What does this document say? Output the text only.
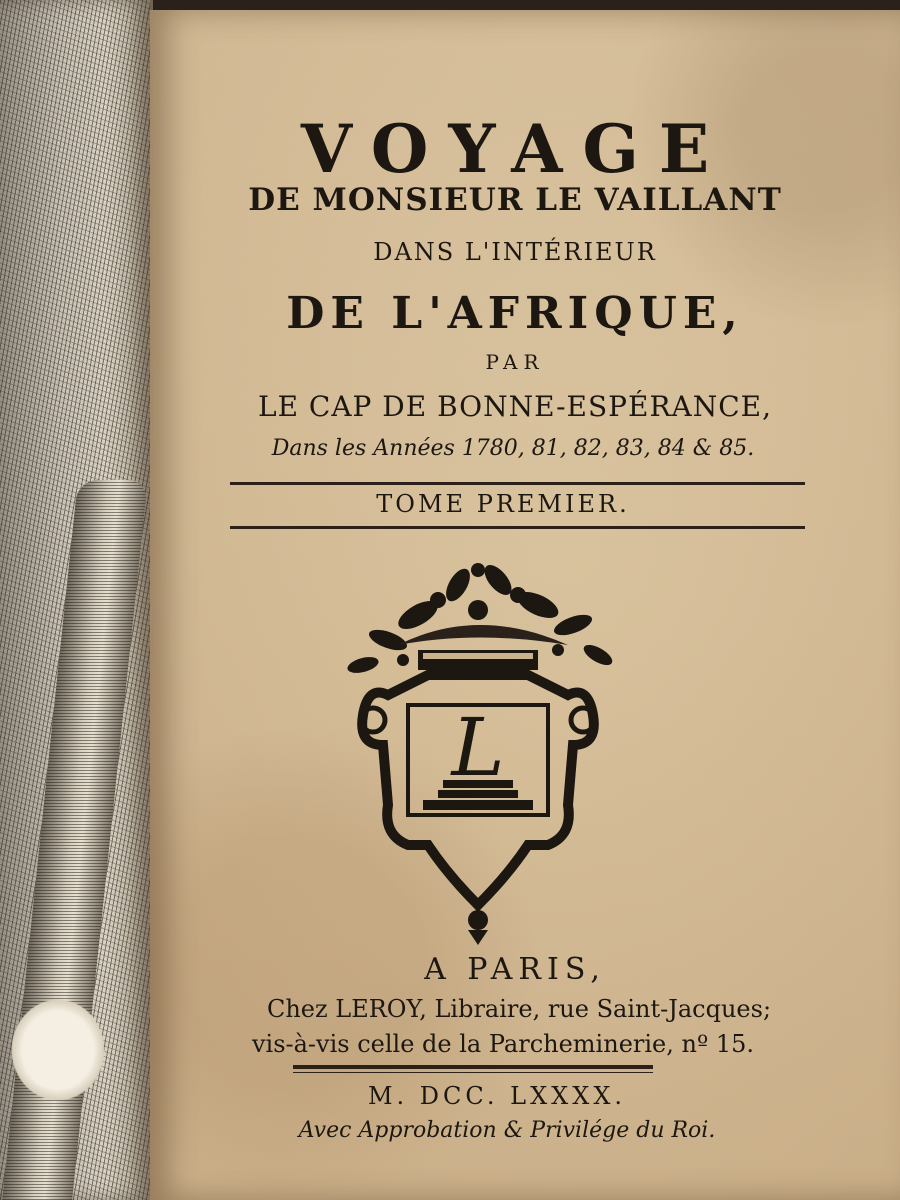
VOYAGE
DE MONSIEUR LE VAILLANT
DANS L'INTÉRIEUR
DE L'AFRIQUE,
PAR
LE CAP DE BONNE-ESPÉRANCE,
Dans les Années 1780, 81, 82, 83, 84 & 85.
TOME PREMIER.
L
A PARIS,
Chez LEROY, Libraire, rue Saint-Jacques;
vis-à-vis celle de la Parcheminerie, nº 15.
M. DCC. LXXXX.
Avec Approbation & Privilége du Roi.
